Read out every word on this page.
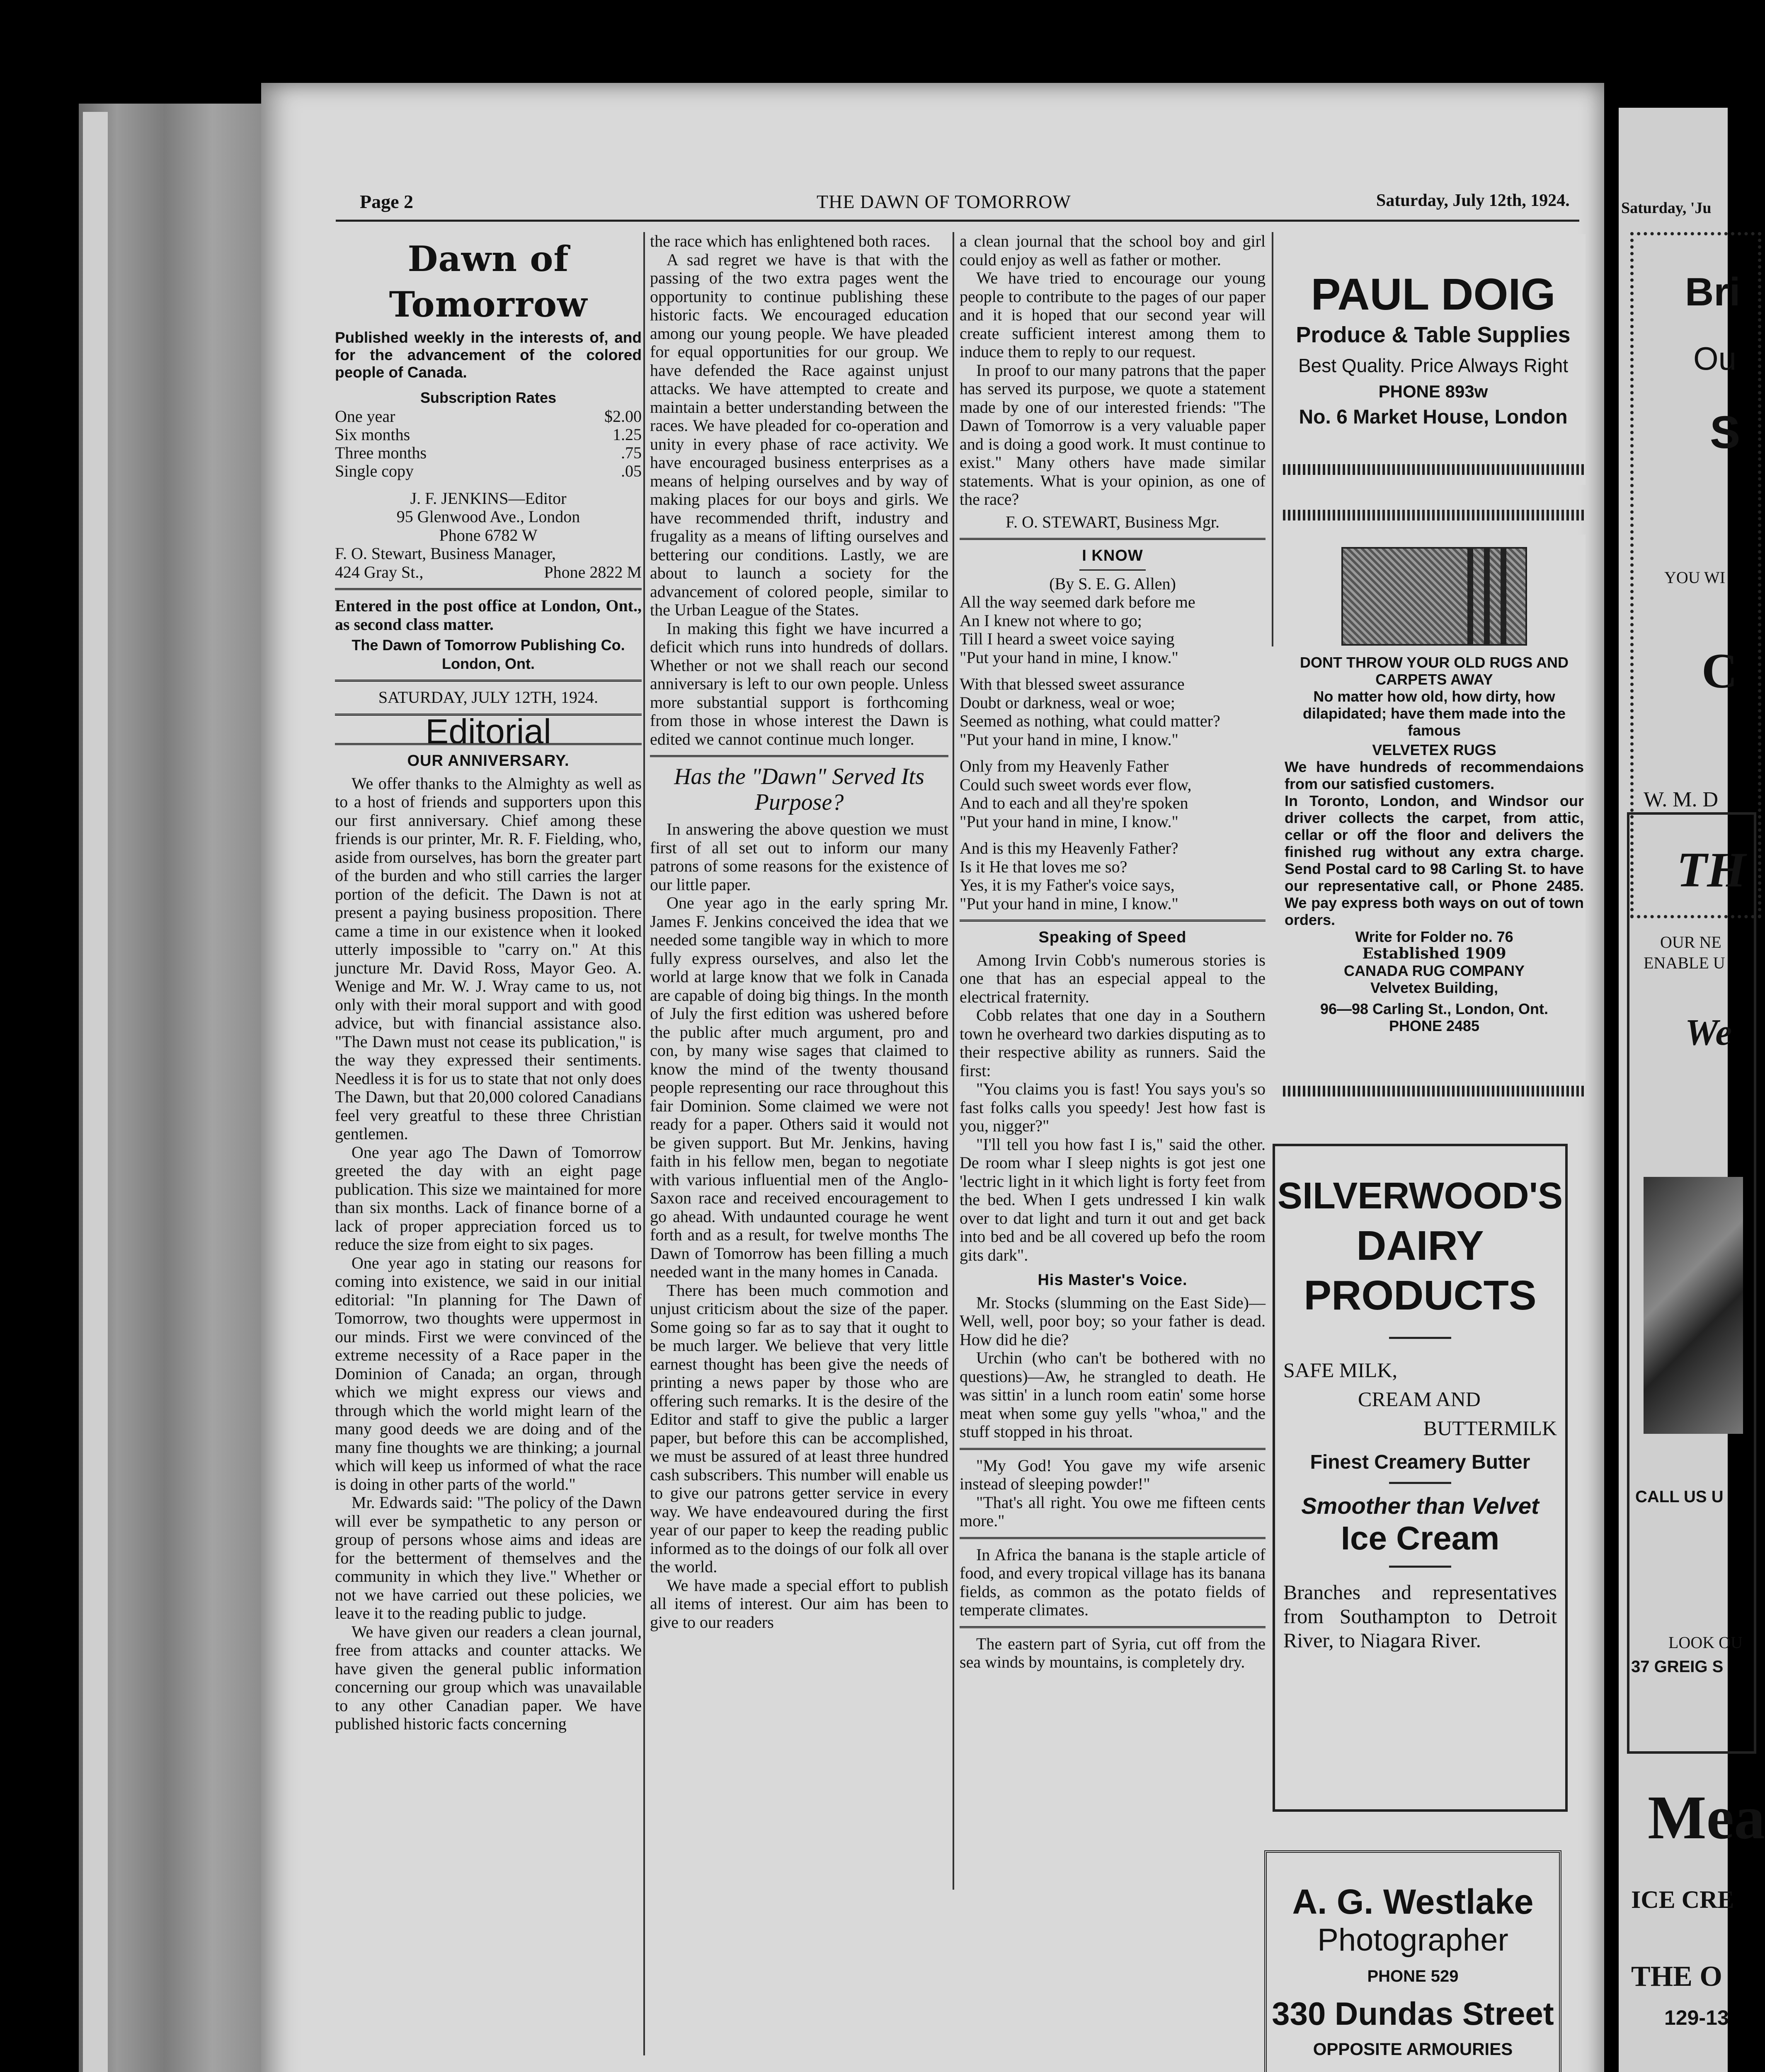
Saturday, 'Ju
Bri
Ou
S
YOU WI
C
W. M. D
TH
OUR NE
ENABLE U
We
CALL US U
LOOK OU
37 GREIG S
Mea
ICE CRE
THE O
129-13
Page 2	THE DAWN OF TOMORROW	Saturday, July 12th, 1924.
Dawn of Tomorrow
Published weekly in the interests of, and for the advancement of the colored people of Canada.
Subscription Rates
One year	$2.00
Six months	1.25
Three months	.75
Single copy	.05
J. F. JENKINS—Editor
95 Glenwood Ave., London
Phone 6782 W
F. O. Stewart, Business Manager,
424 Gray St.,	Phone 2822 M
Entered in the post office at London, Ont., as second class matter.
The Dawn of Tomorrow Publishing Co.
London, Ont.
SATURDAY, JULY 12TH, 1924.
Editorial
OUR ANNIVERSARY.

We offer thanks to the Almighty as well as to a host of friends and supporters upon this our first anniversary. Chief among these friends is our printer, Mr. R. F. Fielding, who, aside from ourselves, has born the greater part of the burden and who still carries the larger portion of the deficit. The Dawn is not at present a paying business proposition. There came a time in our existence when it looked utterly impossible to "carry on." At this juncture Mr. David Ross, Mayor Geo. A. Wenige and Mr. W. J. Wray came to us, not only with their moral support and with good advice, but with financial assistance also. "The Dawn must not cease its publication," is the way they expressed their sentiments. Needless it is for us to state that not only does The Dawn, but that 20,000 colored Canadians feel very greatful to these three Christian gentlemen.

One year ago The Dawn of Tomorrow greeted the day with an eight page publication. This size we maintained for more than six months. Lack of finance borne of a lack of proper appreciation forced us to reduce the size from eight to six pages.

One year ago in stating our reasons for coming into existence, we said in our initial editorial: "In planning for The Dawn of Tomorrow, two thoughts were uppermost in our minds. First we were convinced of the extreme necessity of a Race paper in the Dominion of Canada; an organ, through which we might express our views and through which the world might learn of the many good deeds we are doing and of the many fine thoughts we are thinking; a journal which will keep us informed of what the race is doing in other parts of the world."

Mr. Edwards said: "The policy of the Dawn will ever be sympathetic to any person or group of persons whose aims and ideas are for the betterment of themselves and the community in which they live." Whether or not we have carried out these policies, we leave it to the reading public to judge.

We have given our readers a clean journal, free from attacks and counter attacks. We have given the general public information concerning our group which was unavailable to any other Canadian paper. We have published historic facts concerning

the race which has enlightened both races.

A sad regret we have is that with the passing of the two extra pages went the opportunity to continue publishing these historic facts. We encouraged education among our young people. We have pleaded for equal opportunities for our group. We have defended the Race against unjust attacks. We have attempted to create and maintain a better understanding between the races. We have pleaded for co-operation and unity in every phase of race activity. We have encouraged business enterprises as a means of helping ourselves and by way of making places for our boys and girls. We have recommended thrift, industry and frugality as a means of lifting ourselves and bettering our conditions. Lastly, we are about to launch a society for the advancement of colored people, similar to the Urban League of the States.

In making this fight we have incurred a deficit which runs into hundreds of dollars. Whether or not we shall reach our second anniversary is left to our own people. Unless more substantial support is forthcoming from those in whose interest the Dawn is edited we cannot continue much longer.

Has the "Dawn" Served Its Purpose?

In answering the above question we must first of all set out to inform our many patrons of some reasons for the existence of our little paper.

One year ago in the early spring Mr. James F. Jenkins conceived the idea that we needed some tangible way in which to more fully express ourselves, and also let the world at large know that we folk in Canada are capable of doing big things. In the month of July the first edition was ushered before the public after much argument, pro and con, by many wise sages that claimed to know the mind of the twenty thousand people representing our race throughout this fair Dominion. Some claimed we were not ready for a paper. Others said it would not be given support. But Mr. Jenkins, having faith in his fellow men, began to negotiate with various influential men of the Anglo-Saxon race and received encouragement to go ahead. With undaunted courage he went forth and as a result, for twelve months The Dawn of Tomorrow has been filling a much needed want in the many homes in Canada.

There has been much commotion and unjust criticism about the size of the paper. Some going so far as to say that it ought to be much larger. We believe that very little earnest thought has been give the needs of printing a news paper by those who are offering such remarks. It is the desire of the Editor and staff to give the public a larger paper, but before this can be accomplished, we must be assured of at least three hundred cash subscribers. This number will enable us to give our patrons getter service in every way. We have endeavoured during the first year of our paper to keep the reading public informed as to the doings of our folk all over the world.

We have made a special effort to publish all items of interest. Our aim has been to give to our readers

a clean journal that the school boy and girl could enjoy as well as father or mother.

We have tried to encourage our young people to contribute to the pages of our paper and it is hoped that our second year will create sufficient interest among them to induce them to reply to our request.

In proof to our many patrons that the paper has served its purpose, we quote a statement made by one of our interested friends: "The Dawn of Tomorrow is a very valuable paper and is doing a good work. It must continue to exist." Many others have made similar statements. What is your opinion, as one of the race?

F. O. STEWART, Business Mgr.
I KNOW
(By S. E. G. Allen)
All the way seemed dark before me
An I knew not where to go;
Till I heard a sweet voice saying
"Put your hand in mine, I know."
With that blessed sweet assurance
Doubt or darkness, weal or woe;
Seemed as nothing, what could matter?
"Put your hand in mine, I know."
Only from my Heavenly Father
Could such sweet words ever flow,
And to each and all they're spoken
"Put your hand in mine, I know."
And is this my Heavenly Father?
Is it He that loves me so?
Yes, it is my Father's voice says,
"Put your hand in mine, I know."
Speaking of Speed

Among Irvin Cobb's numerous stories is one that has an especial appeal to the electrical fraternity.

Cobb relates that one day in a Southern town he overheard two darkies disputing as to their respective ability as runners. Said the first:

"You claims you is fast! You says you's so fast folks calls you speedy! Jest how fast is you, nigger?"

"I'll tell you how fast I is," said the other. De room whar I sleep nights is got jest one 'lectric light in it which light is forty feet from the bed. When I gets undressed I kin walk over to dat light and turn it out and get back into bed and be all covered up befo the room gits dark".

His Master's Voice.

Mr. Stocks (slumming on the East Side)—Well, well, poor boy; so your father is dead. How did he die?

Urchin (who can't be bothered with no questions)—Aw, he strangled to death. He was sittin' in a lunch room eatin' some horse meat when some guy yells "whoa," and the stuff stopped in his throat.

"My God! You gave my wife arsenic instead of sleeping powder!"

"That's all right. You owe me fifteen cents more."

In Africa the banana is the staple article of food, and every tropical village has its banana fields, as common as the potato fields of temperate climates.

The eastern part of Syria, cut off from the sea winds by mountains, is completely dry.

PAUL DOIG
Produce & Table Supplies
Best Quality. Price Always Right
PHONE 893w
No. 6 Market House, London
DONT THROW YOUR OLD RUGS AND CARPETS AWAY
No matter how old, how dirty, how dilapidated; have them made into the famous
VELVETEX RUGS
We have hundreds of recommendaions from our satisfied customers.
In Toronto, London, and Windsor our driver collects the carpet, from attic, cellar or off the floor and delivers the finished rug without any extra charge. Send Postal card to 98 Carling St. to have our representative call, or Phone 2485. We pay express both ways on out of town orders.
Write for Folder no. 76
Established 1909
CANADA RUG COMPANY
Velvetex Building,
96—98 Carling St., London, Ont.
PHONE 2485
SILVERWOOD'S
DAIRY
PRODUCTS
SAFE MILK,
CREAM AND
BUTTERMILK
Finest Creamery Butter
Smoother than Velvet
Ice Cream
Branches and representatives from Southampton to Detroit River, to Niagara River.
A. G. Westlake
Photographer
PHONE 529
330 Dundas Street
OPPOSITE ARMOURIES
